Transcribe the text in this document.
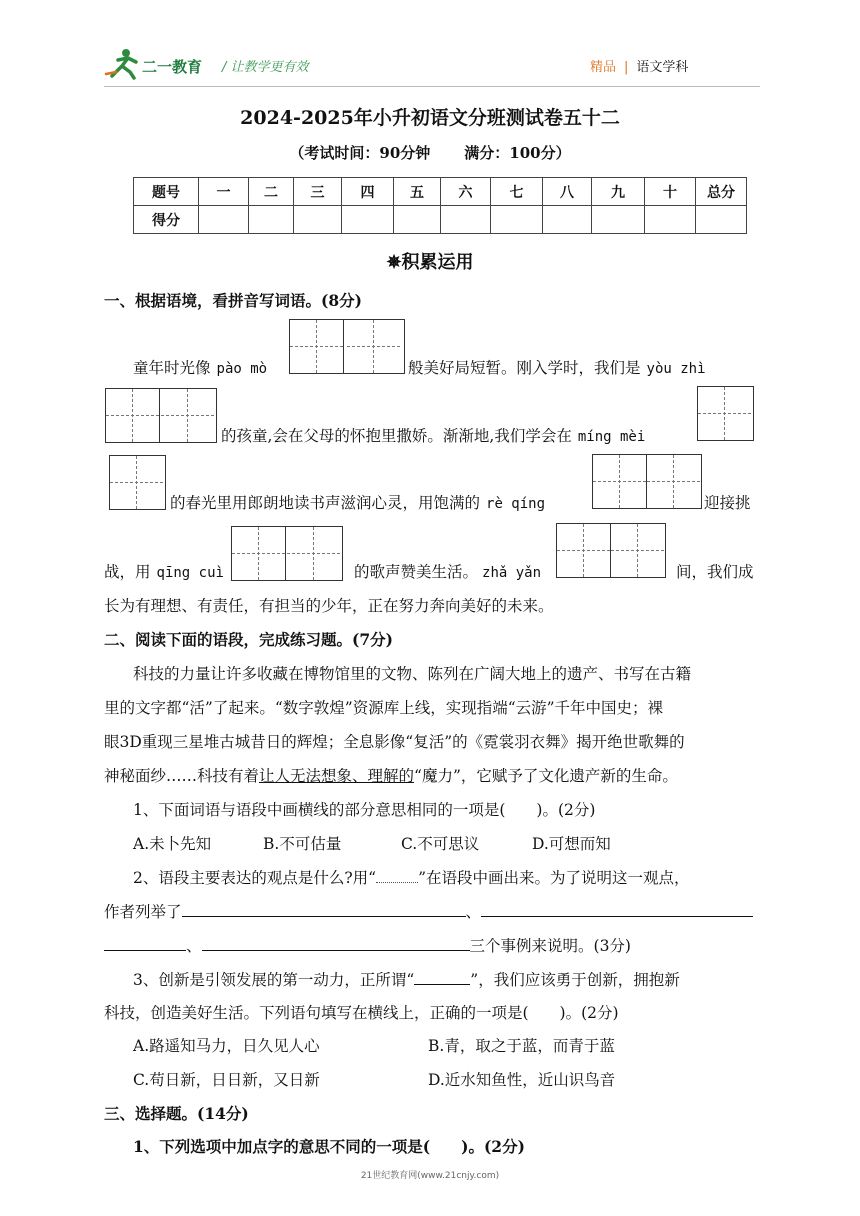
二一教育 / 让教学更有效	精品 | 语文学科
2024-2025年小升初语文分班测试卷五十二
（考试时间：90分钟 满分：100分）
题号	一	二	三	四	五	六	七	八	九	十	总分
得分											
✵积累运用
一、根据语境，看拼音写词语。(8分)
童年时光像 pào mò	般美好局短暂。刚入学时，我们是 yòu zhì
的孩童,会在父母的怀抱里撒娇。渐渐地,我们学会在 míng mèi
的春光里用郎朗地读书声滋润心灵，用饱满的 rè qíng	迎接挑
战，用 qīng cuì	的歌声赞美生活。 zhǎ yǎn	间，我们成
长为有理想、有责任，有担当的少年，正在努力奔向美好的未来。
二、阅读下面的语段，完成练习题。(7分)
科技的力量让许多收藏在博物馆里的文物、陈列在广阔大地上的遗产、书写在古籍
里的文字都“活”了起来。“数字敦煌”资源库上线，实现指端“云游”千年中国史；裸
眼3D重现三星堆古城昔日的辉煌；全息影像“复活”的《霓裳羽衣舞》揭开绝世歌舞的
神秘面纱……科技有着让人无法想象、理解的“魔力”，它赋予了文化遗产新的生命。
1、下面词语与语段中画横线的部分意思相同的一项是(　　)。(2分)
A.未卜先知	B.不可估量	C.不可思议	D.可想而知
2、语段主要表达的观点是什么?用“	”在语段中画出来。为了说明这一观点，
作者列举了	、
、	三个事例来说明。(3分)
3、创新是引领发展的第一动力，正所谓“	”，我们应该勇于创新，拥抱新
科技，创造美好生活。下列语句填写在横线上，正确的一项是(　　)。(2分)
A.路遥知马力，日久见人心	B.青，取之于蓝，而青于蓝
C.苟日新，日日新，又日新	D.近水知鱼性，近山识鸟音
三、选择题。(14分)
1、下列选项中加点字的意思不同的一项是(　　)。(2分)
21世纪教育网(www.21cnjy.com)
